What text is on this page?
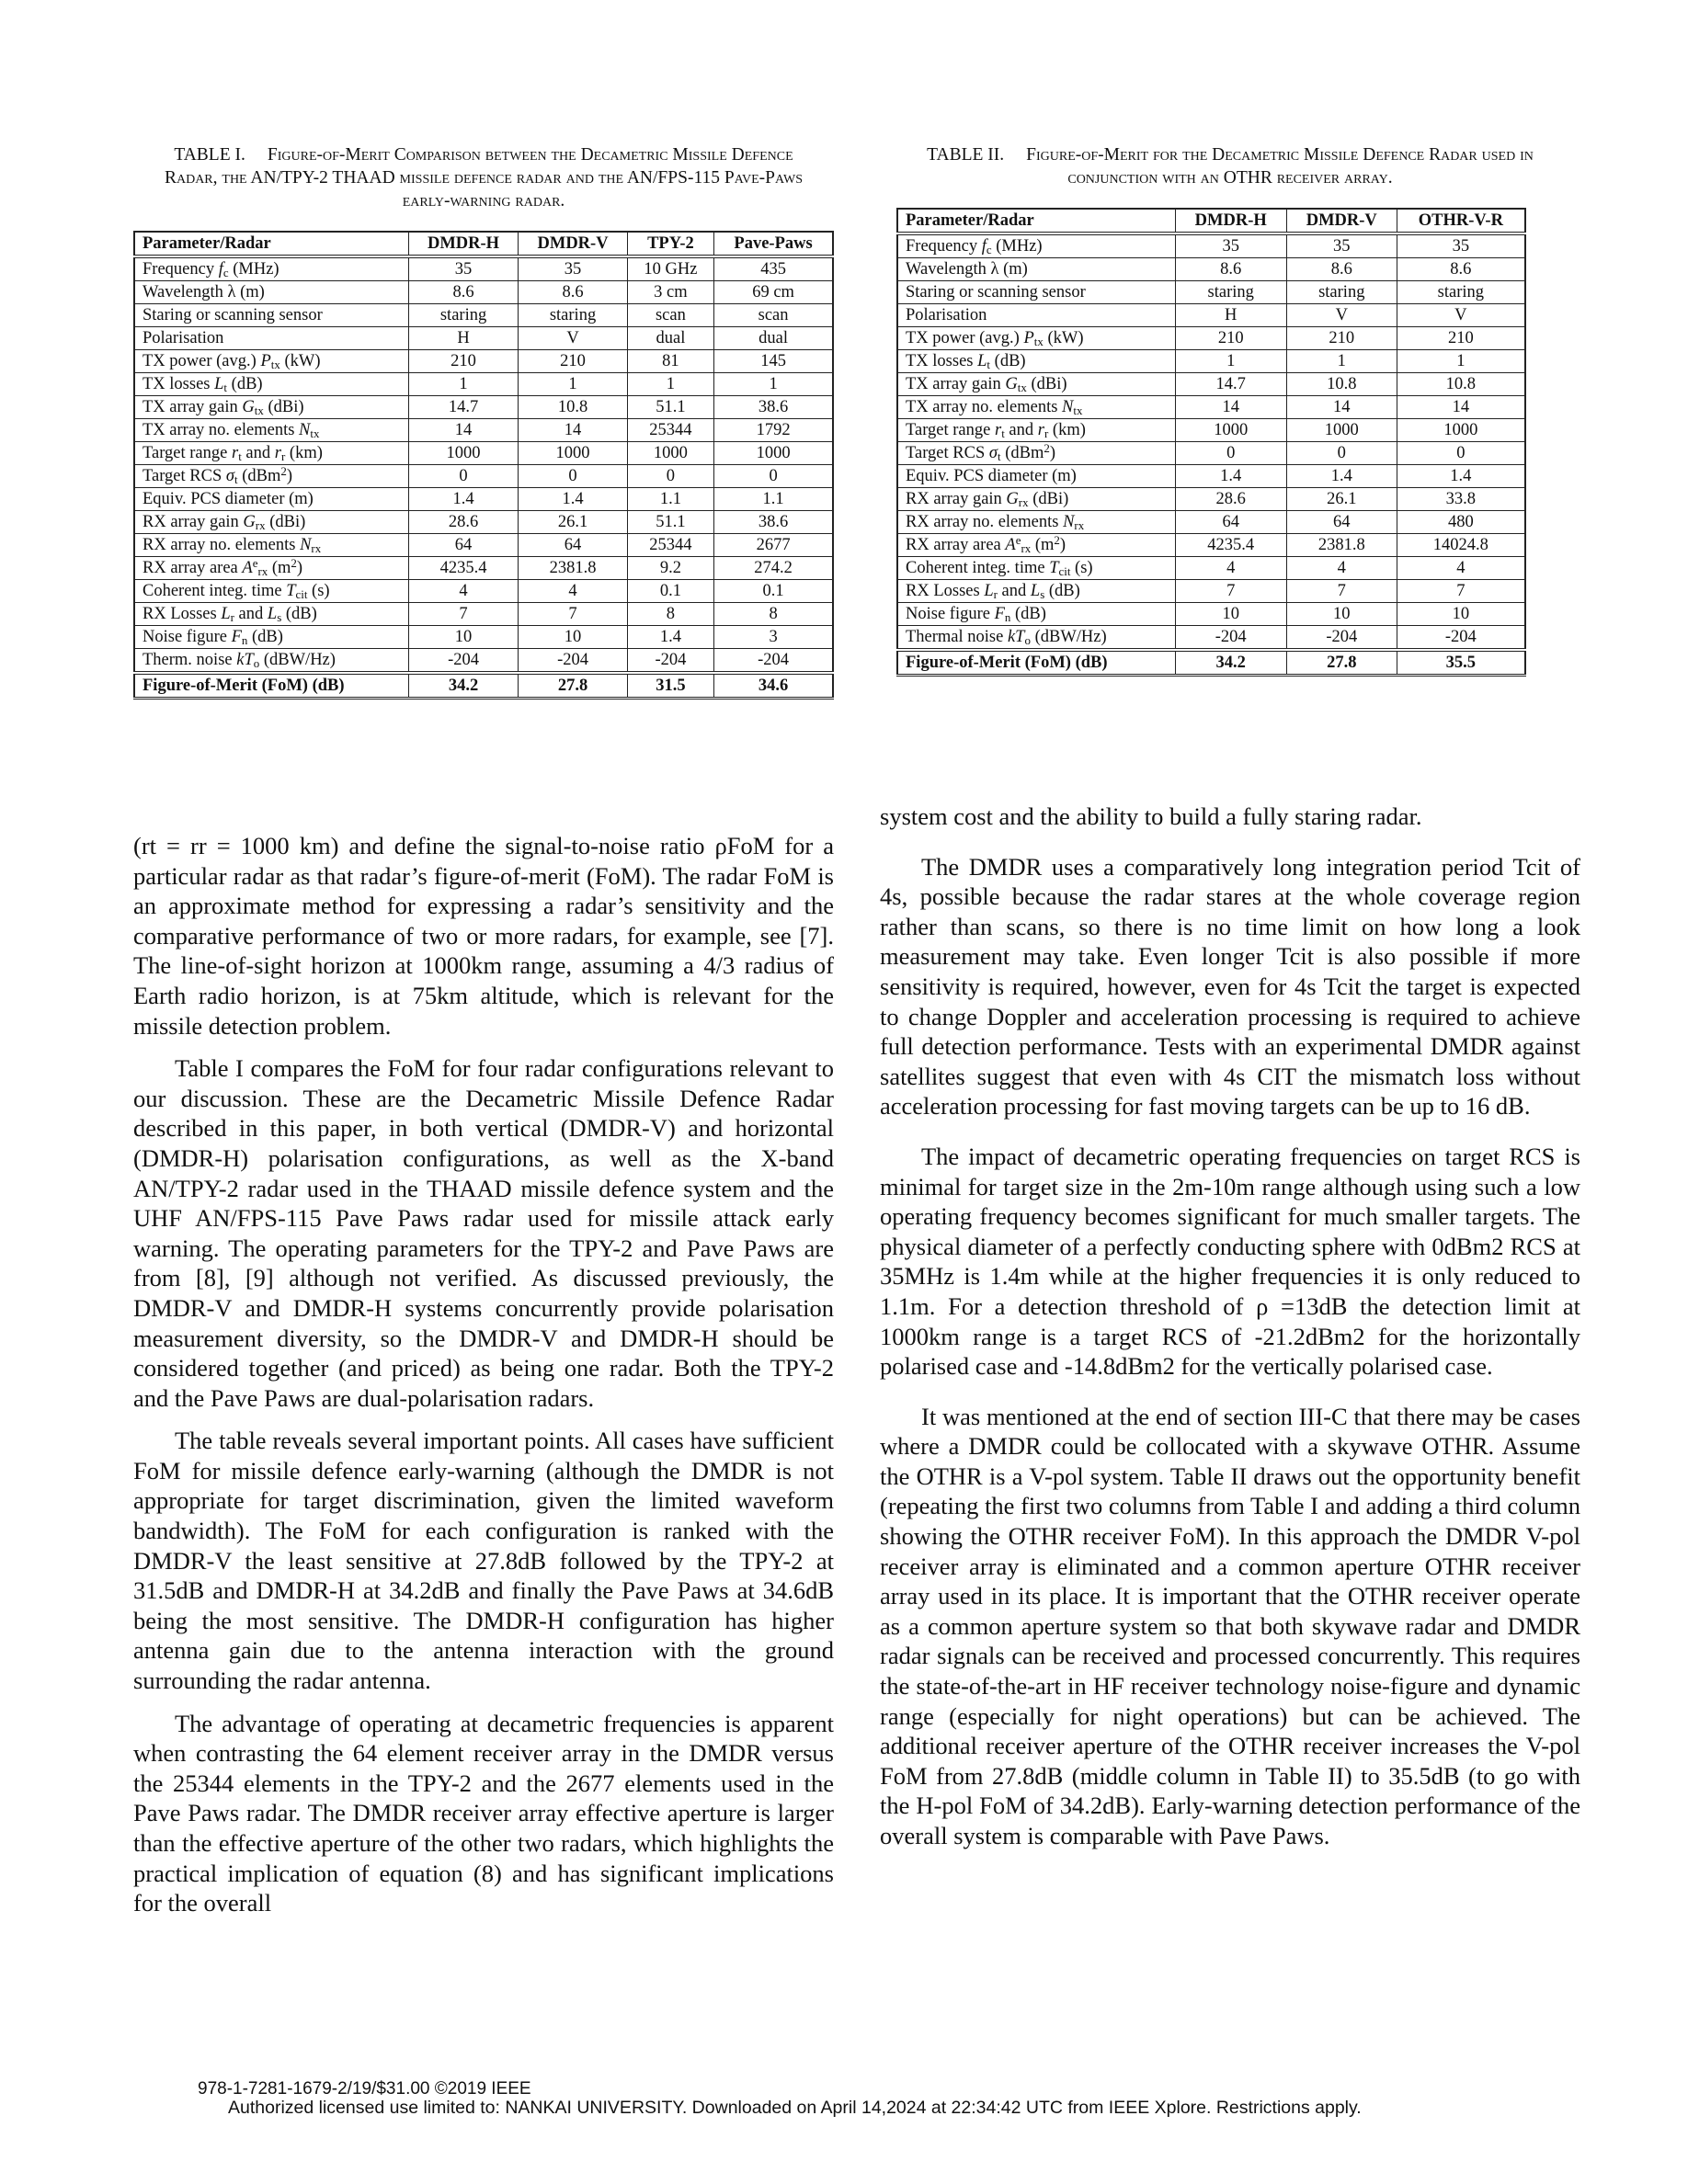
TABLE I. Figure-of-Merit Comparison between the Decametric Missile Defence Radar, the AN/TPY-2 THAAD missile defence radar and the AN/FPS-115 Pave-Paws early-warning radar.

Parameter/Radar	DMDR-H	DMDR-V	TPY-2	Pave-Paws
Frequency $f_c$ (MHz)	35	35	10 GHz	435
Wavelength λ (m)	8.6	8.6	3 cm	69 cm
Staring or scanning sensor	staring	staring	scan	scan
Polarisation	H	V	dual	dual
TX power (avg.) $P_{tx}$ (kW)	210	210	81	145
TX losses $L_t$ (dB)	1	1	1	1
TX array gain $G_{tx}$ (dBi)	14.7	10.8	51.1	38.6
TX array no. elements $N_{tx}$	14	14	25344	1792
Target range $r_t$ and $r_r$ (km)	1000	1000	1000	1000
Target RCS $\sigma_t$ (dBm$^2$)	0	0	0	0
Equiv. PCS diameter (m)	1.4	1.4	1.1	1.1
RX array gain $G_{rx}$ (dBi)	28.6	26.1	51.1	38.6
RX array no. elements $N_{rx}$	64	64	25344	2677
RX array area $A^e_{rx}$ $(m^2)$	4235.4	2381.8	9.2	274.2
Coherent integ. time $T_{cit}$ (s)	4	4	0.1	0.1
RX Losses $L_r$ and $L_s$ (dB)	7	7	8	8
Noise figure $F_n$ (dB)	10	10	1.4	3
Therm. noise $kT_o$ (dBW/Hz)	-204	-204	-204	-204
Figure-of-Merit (FoM) (dB)	34.2	27.8	31.5	34.6

TABLE II. Figure-of-Merit for the Decametric Missile Defence Radar used in conjunction with an OTHR receiver array.

Parameter/Radar	DMDR-H	DMDR-V	OTHR-V-R
Frequency $f_c$ (MHz)	35	35	35
Wavelength λ (m)	8.6	8.6	8.6
Staring or scanning sensor	staring	staring	staring
Polarisation	H	V	V
TX power (avg.) $P_{tx}$ (kW)	210	210	210
TX losses $L_t$ (dB)	1	1	1
TX array gain $G_{tx}$ (dBi)	14.7	10.8	10.8
TX array no. elements $N_{tx}$	14	14	14
Target range $r_t$ and $r_r$ (km)	1000	1000	1000
Target RCS $\sigma_t$ (dBm$^2$)	0	0	0
Equiv. PCS diameter (m)	1.4	1.4	1.4
RX array gain $G_{rx}$ (dBi)	28.6	26.1	33.8
RX array no. elements $N_{rx}$	64	64	480
RX array area $A^e_{rx}$ $(m^2)$	4235.4	2381.8	14024.8
Coherent integ. time $T_{cit}$ (s)	4	4	4
RX Losses $L_r$ and $L_s$ (dB)	7	7	7
Noise figure $F_n$ (dB)	10	10	10
Thermal noise $kT_o$ (dBW/Hz)	-204	-204	-204
Figure-of-Merit (FoM) (dB)	34.2	27.8	35.5

(rt = rr = 1000 km) and define the signal-to-noise ratio ρFoM for a particular radar as that radar’s figure-of-merit (FoM). The radar FoM is an approximate method for expressing a radar’s sensitivity and the comparative performance of two or more radars, for example, see [7]. The line-of-sight horizon at 1000km range, assuming a 4/3 radius of Earth radio horizon, is at 75km altitude, which is relevant for the missile detection problem.

Table I compares the FoM for four radar configurations relevant to our discussion. These are the Decametric Missile Defence Radar described in this paper, in both vertical (DMDR-V) and horizontal (DMDR-H) polarisation configurations, as well as the X-band AN/TPY-2 radar used in the THAAD missile defence system and the UHF AN/FPS-115 Pave Paws radar used for missile attack early warning. The operating parameters for the TPY-2 and Pave Paws are from [8], [9] although not verified. As discussed previously, the DMDR-V and DMDR-H systems concurrently provide polarisation measurement diversity, so the DMDR-V and DMDR-H should be considered together (and priced) as being one radar. Both the TPY-2 and the Pave Paws are dual-polarisation radars.

The table reveals several important points. All cases have sufficient FoM for missile defence early-warning (although the DMDR is not appropriate for target discrimination, given the limited waveform bandwidth). The FoM for each configuration is ranked with the DMDR-V the least sensitive at 27.8dB followed by the TPY-2 at 31.5dB and DMDR-H at 34.2dB and finally the Pave Paws at 34.6dB being the most sensitive. The DMDR-H configuration has higher antenna gain due to the antenna interaction with the ground surrounding the radar antenna.

The advantage of operating at decametric frequencies is apparent when contrasting the 64 element receiver array in the DMDR versus the 25344 elements in the TPY-2 and the 2677 elements used in the Pave Paws radar. The DMDR receiver array effective aperture is larger than the effective aperture of the other two radars, which highlights the practical implication of equation (8) and has significant implications for the overall

system cost and the ability to build a fully staring radar.

The DMDR uses a comparatively long integration period Tcit of 4s, possible because the radar stares at the whole coverage region rather than scans, so there is no time limit on how long a look measurement may take. Even longer Tcit is also possible if more sensitivity is required, however, even for 4s Tcit the target is expected to change Doppler and acceleration processing is required to achieve full detection performance. Tests with an experimental DMDR against satellites suggest that even with 4s CIT the mismatch loss without acceleration processing for fast moving targets can be up to 16 dB.

The impact of decametric operating frequencies on target RCS is minimal for target size in the 2m-10m range although using such a low operating frequency becomes significant for much smaller targets. The physical diameter of a perfectly conducting sphere with 0dBm2 RCS at 35MHz is 1.4m while at the higher frequencies it is only reduced to 1.1m. For a detection threshold of ρ =13dB the detection limit at 1000km range is a target RCS of -21.2dBm2 for the horizontally polarised case and -14.8dBm2 for the vertically polarised case.

It was mentioned at the end of section III-C that there may be cases where a DMDR could be collocated with a skywave OTHR. Assume the OTHR is a V-pol system. Table II draws out the opportunity benefit (repeating the first two columns from Table I and adding a third column showing the OTHR receiver FoM). In this approach the DMDR V-pol receiver array is eliminated and a common aperture OTHR receiver array used in its place. It is important that the OTHR receiver operate as a common aperture system so that both skywave radar and DMDR radar signals can be received and processed concurrently. This requires the state-of-the-art in HF receiver technology noise-figure and dynamic range (especially for night operations) but can be achieved. The additional receiver aperture of the OTHR receiver increases the V-pol FoM from 27.8dB (middle column in Table II) to 35.5dB (to go with the H-pol FoM of 34.2dB). Early-warning detection performance of the overall system is comparable with Pave Paws.

978-1-7281-1679-2/19/$31.00 ©2019 IEEE
Authorized licensed use limited to: NANKAI UNIVERSITY. Downloaded on April 14,2024 at 22:34:42 UTC from IEEE Xplore. Restrictions apply.
